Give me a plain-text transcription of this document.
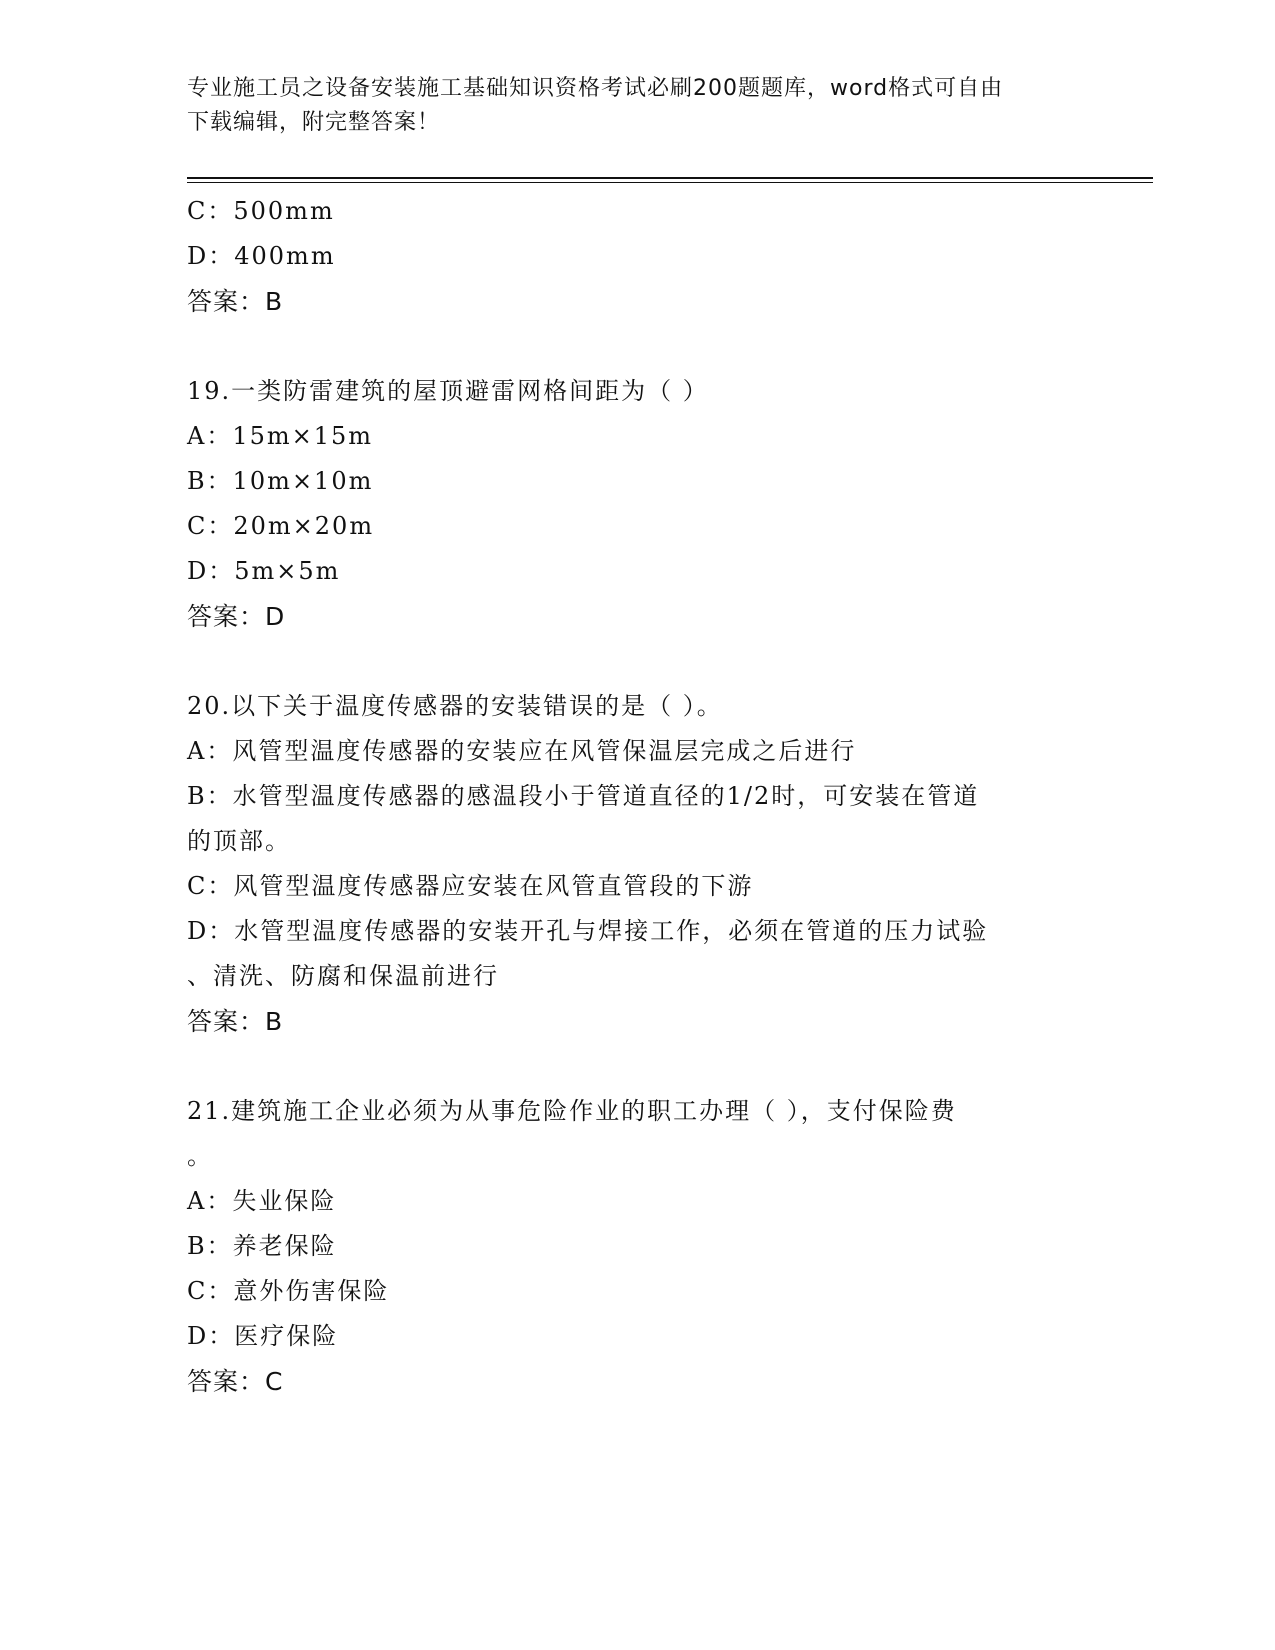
专业施工员之设备安装施工基础知识资格考试必刷200题题库，word格式可自由
下载编辑，附完整答案！
C：500mm
D：400mm
答案：B
19.一类防雷建筑的屋顶避雷网格间距为（ ）
A：15m×15m
B：10m×10m
C：20m×20m
D：5m×5m
答案：D
20.以下关于温度传感器的安装错误的是（ ）。
A：风管型温度传感器的安装应在风管保温层完成之后进行
B：水管型温度传感器的感温段小于管道直径的1/2时，可安装在管道
的顶部。
C：风管型温度传感器应安装在风管直管段的下游
D：水管型温度传感器的安装开孔与焊接工作，必须在管道的压力试验
、清洗、防腐和保温前进行
答案：B
21.建筑施工企业必须为从事危险作业的职工办理（ ），支付保险费
。
A：失业保险
B：养老保险
C：意外伤害保险
D：医疗保险
答案：C
